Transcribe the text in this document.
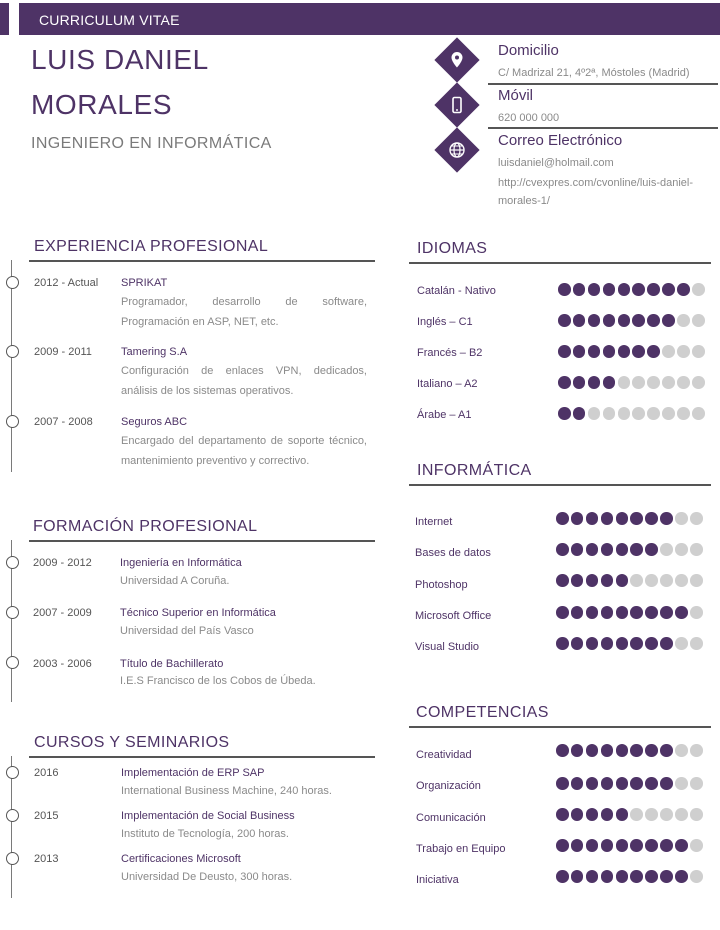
CURRICULUM VITAE
LUIS DANIEL
MORALES
INGENIERO EN INFORMÁTICA
Domicilio
C/ Madrizal 21, 4º2ª, Móstoles (Madrid)
Móvil
620 000 000
Correo Electrónico
luisdaniel@holmail.com
http://cvexpres.com/cvonline/luis-daniel-
morales-1/
EXPERIENCIA PROFESIONAL
2012 - Actual SPRIKAT
Programador, desarrollo de software, Programación en ASP, NET, etc.
2009 - 2011	Tamering S.A
Configuración de enlaces VPN, dedicados, análisis de los sistemas operativos.
2007 - 2008	Seguros ABC
Encargado del departamento de soporte técnico, mantenimiento preventivo y correctivo.
FORMACIÓN PROFESIONAL
2009 - 2012	Ingeniería en Informática
Universidad A Coruña.
2007 - 2009	Técnico Superior en Informática
Universidad del País Vasco
2003 - 2006	Título de Bachillerato
I.E.S Francisco de los Cobos de Úbeda.
CURSOS Y SEMINARIOS
2016	Implementación de ERP SAP
International Business Machine, 240 horas.
2015	Implementación de Social Business
Instituto de Tecnología, 200 horas.
2013	Certificaciones Microsoft
Universidad De Deusto, 300 horas.
IDIOMAS
Catalán - Nativo
Inglés – C1
Francés – B2
Italiano – A2
Árabe – A1
INFORMÁTICA
Internet
Bases de datos
Photoshop
Microsoft Office
Visual Studio
COMPETENCIAS
Creatividad
Organización
Comunicación
Trabajo en Equipo
Iniciativa
